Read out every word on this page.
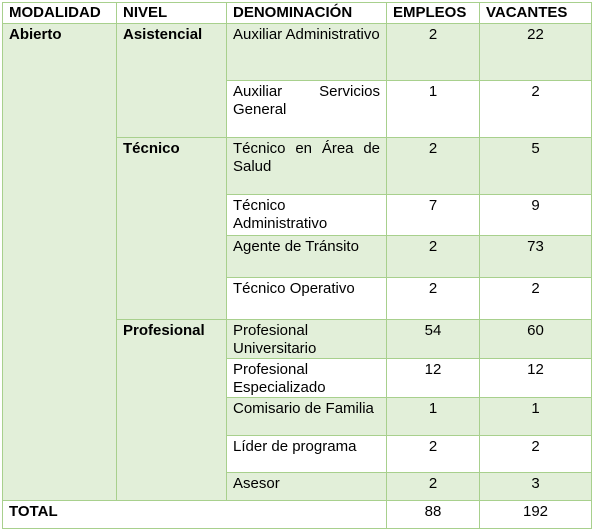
MODALIDAD	NIVEL	DENOMINACIÓN	EMPLEOS	VACANTES
Abierto	Asistencial	Auxiliar Administrativo	2	22
		Auxiliar Servicios General	1	2
	Técnico	Técnico en Área de Salud	2	5
		Técnico Administrativo	7	9
		Agente de Tránsito	2	73
		Técnico Operativo	2	2
	Profesional	Profesional Universitario	54	60
		Profesional Especializado	12	12
		Comisario de Familia	1	1
		Líder de programa	2	2
		Asesor	2	3
TOTAL			88	192
